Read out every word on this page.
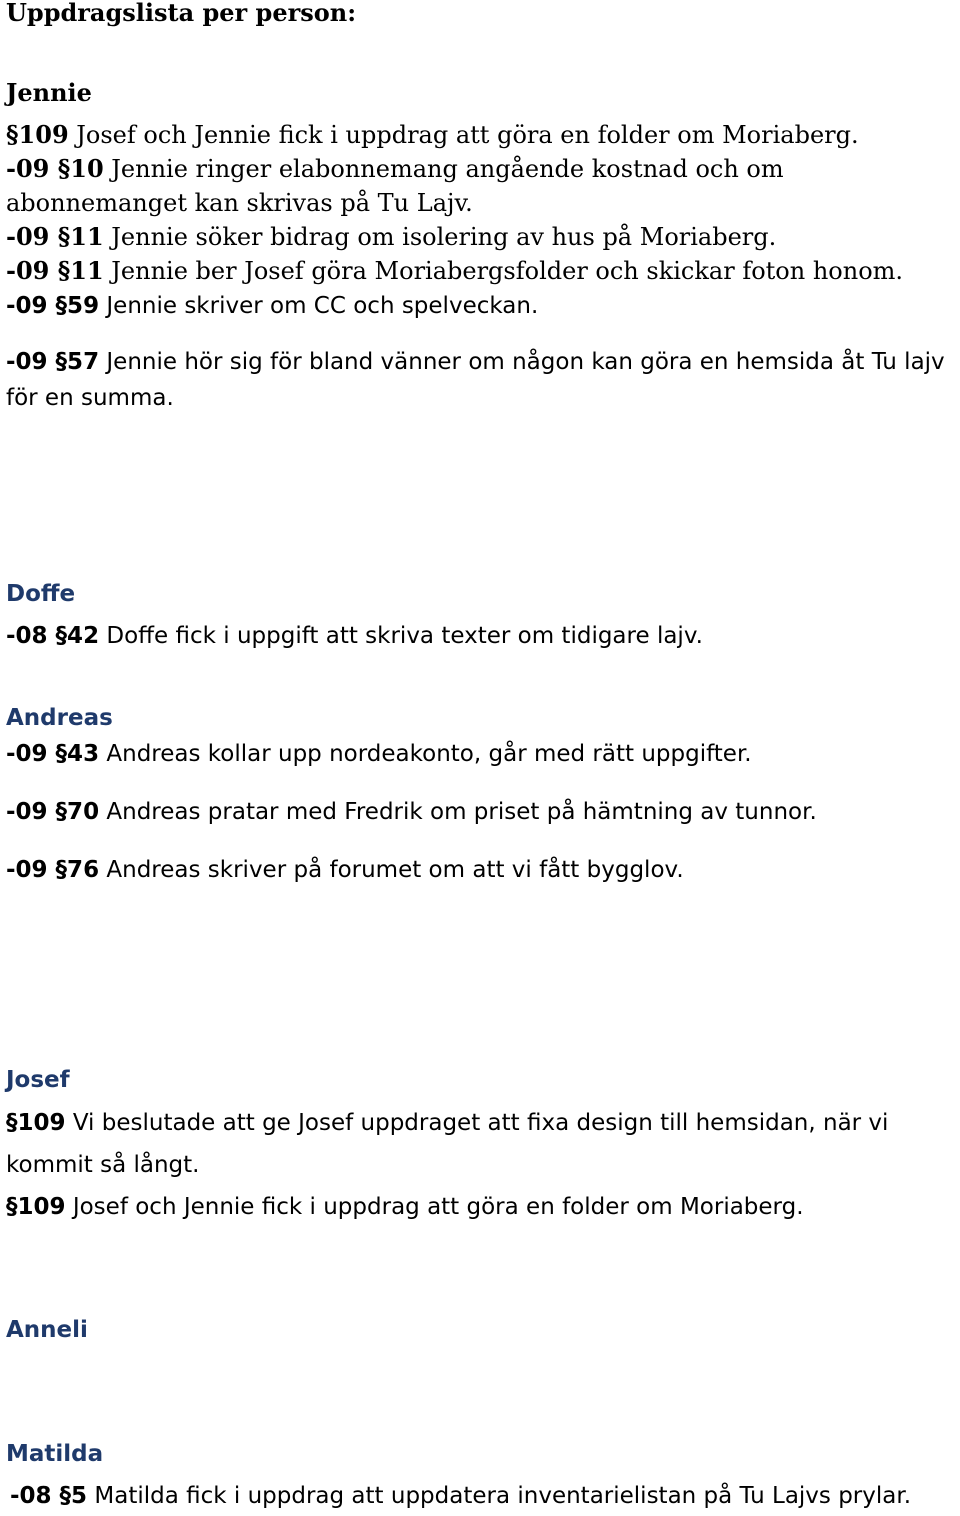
Uppdragslista per person:
Jennie
§109 Josef och Jennie fick i uppdrag att göra en folder om Moriaberg.
-09 §10 Jennie ringer elabonnemang angående kostnad och om abonnemanget kan skrivas på Tu Lajv.
-09 §11 Jennie söker bidrag om isolering av hus på Moriaberg.
-09 §11 Jennie ber Josef göra Moriabergsfolder och skickar foton honom.
-09 §59 Jennie skriver om CC och spelveckan.
-09 §57 Jennie hör sig för bland vänner om någon kan göra en hemsida åt Tu lajv för en summa.
Doffe
-08 §42 Doffe fick i uppgift att skriva texter om tidigare lajv.
Andreas
-09 §43 Andreas kollar upp nordeakonto, går med rätt uppgifter.
-09 §70 Andreas pratar med Fredrik om priset på hämtning av tunnor.
-09 §76 Andreas skriver på forumet om att vi fått bygglov.
Josef
§109 Vi beslutade att ge Josef uppdraget att fixa design till hemsidan, när vi kommit så långt.
§109 Josef och Jennie fick i uppdrag att göra en folder om Moriaberg.
Anneli
Matilda
-08 §5 Matilda fick i uppdrag att uppdatera inventarielistan på Tu Lajvs prylar.
